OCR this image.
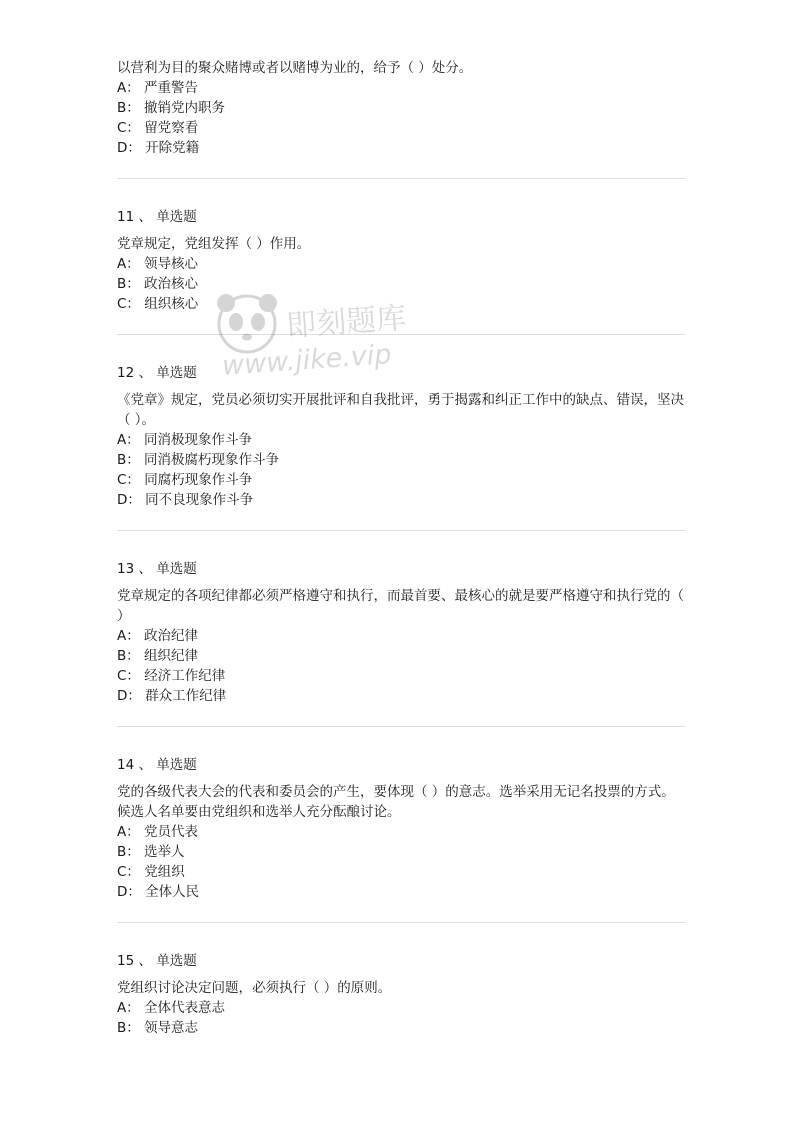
以营利为目的聚众赌博或者以赌博为业的，给予（ ）处分。
A： 严重警告
B： 撤销党内职务
C： 留党察看
D： 开除党籍
11 、 单选题
党章规定，党组发挥（ ）作用。
A： 领导核心
B： 政治核心
C： 组织核心
12 、 单选题
《党章》规定，党员必须切实开展批评和自我批评，勇于揭露和纠正工作中的缺点、错误，坚决（ ）。
A： 同消极现象作斗争
B： 同消极腐朽现象作斗争
C： 同腐朽现象作斗争
D： 同不良现象作斗争
13 、 单选题
党章规定的各项纪律都必须严格遵守和执行，而最首要、最核心的就是要严格遵守和执行党的（ ）
A： 政治纪律
B： 组织纪律
C： 经济工作纪律
D： 群众工作纪律
14 、 单选题
党的各级代表大会的代表和委员会的产生，要体现（ ）的意志。选举采用无记名投票的方式。候选人名单要由党组织和选举人充分酝酿讨论。
A： 党员代表
B： 选举人
C： 党组织
D： 全体人民
15 、 单选题
党组织讨论决定问题，必须执行（ ）的原则。
A： 全体代表意志
B： 领导意志
即刻题库
www.jike.vip
